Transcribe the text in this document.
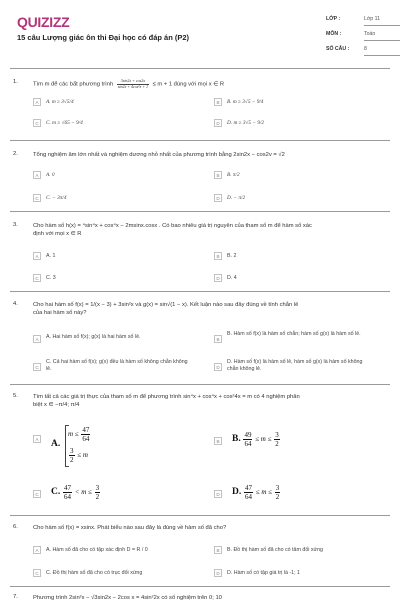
QUIZIZZ
15 câu Lượng giác ôn thi Đại học có đáp án (P2)
LỚP :	Lớp 11
MÔN :	Toán
SỐ CÂU :	8
1.	Tìm m để các bất phương trình $\frac{3\sin 2x + \cos 2x}{\text{sin2x + 4cos²x + 1}} \le m + 1$ đúng với mọi x ∈ R
A	A. m ≥ 3√5/4	B	B. m ≥ 3√5 − 9/4
C	C. m ≥ √65 − 9/4	D	D. m ≥ 3√5 − 9/2
2.	Tổng nghiệm âm lớn nhất và nghiệm dương nhỏ nhất của phương trình bằng 2sin2x − cos2v = √2
A	A. 0	B	B. π/2
C	C. − 3π/4	D	D. − π/2
3.	Cho hàm số h(x) = ⁴sin⁴x + cos⁴x − 2msinx.cosx . Có bao nhiêu giá trị nguyên của tham số m để hàm số xác
định với mọi x ∈ R
A	A. 1	B	B. 2
C	C. 3	D	D. 4
4.	Cho hai hàm số f(x) = 1/(x − 3) + 3sin²x và g(x) = sin√(1 − x). Kết luận nào sau đây đúng về tính chẵn lẻ
của hai hàm số này?
A	A. Hai hàm số f(x); g(x) là hai hàm số lẻ.	B
B. Hàm số f(x) là hàm số chẵn; hàm số g(x) là hàm số lẻ.
C
C. Cả hai hàm số f(x); g(x) đều là hàm số không chẵn không lẻ.	D
D. Hàm số f(x) là hàm số lẻ, hàm số g(x) là hàm số không chẵn không lẻ.
5.	Tìm tất cả các giá trị thực của tham số m để phương trình sin⁴x + cos⁴x + cos²4x = m có 4 nghiệm phân
biệt x ∈ −π/4; π/4
A A.
$m \le \frac{47}{64}$
$\frac{3}{2} \le m$
B B. $\frac{49}{64} \le m \le \frac{3}{2}$
C C. $\frac{47}{64} < m \le \frac{3}{2}$	D D. $\frac{47}{64} \le m \le \frac{3}{2}$
6.	Cho hàm số f(x) = xsinx. Phát biểu nào sau đây là đúng về hàm số đã cho?
A	A. Hàm số đã cho có tập xác định D = R / 0	B	B. Đồ thị hàm số đã cho có tâm đối xứng
C	C. Đồ thị hàm số đã cho có trục đối xứng	D	D. Hàm số có tập giá trị là -1; 1
7.	Phương trình 2sin²x − √3sin2x − 2cos x = 4sin²2x có số nghiệm trên 0; 10
